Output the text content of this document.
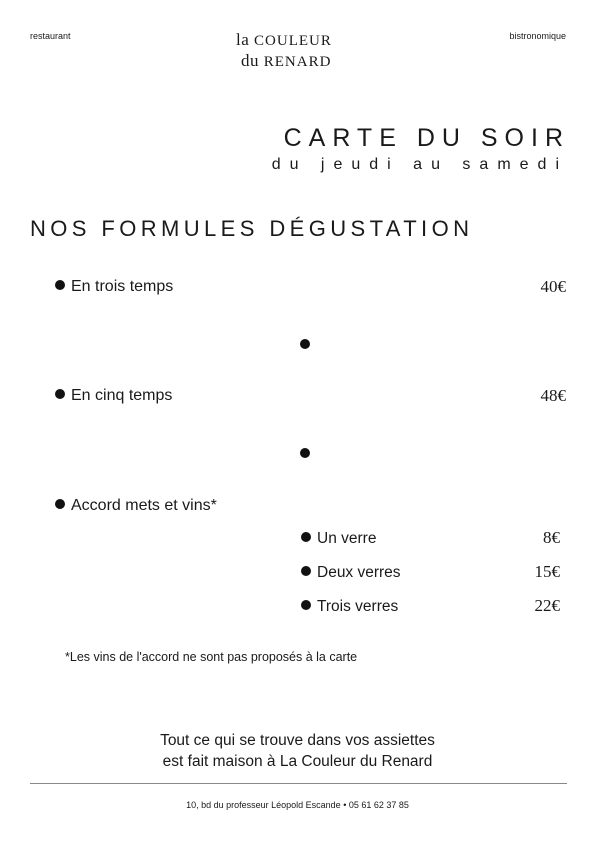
restaurant	bistronomique
la COULEUR
du RENARD
CARTE DU SOIR
du jeudi au samedi
NOS FORMULES DÉGUSTATION
En trois temps	40€
En cinq temps	48€
Accord mets et vins*
Un verre	8€
Deux verres	15€
Trois verres	22€
*Les vins de l'accord ne sont pas proposés à la carte
Tout ce qui se trouve dans vos assiettes
est fait maison à La Couleur du Renard
10, bd du professeur Léopold Escande • 05 61 62 37 85
